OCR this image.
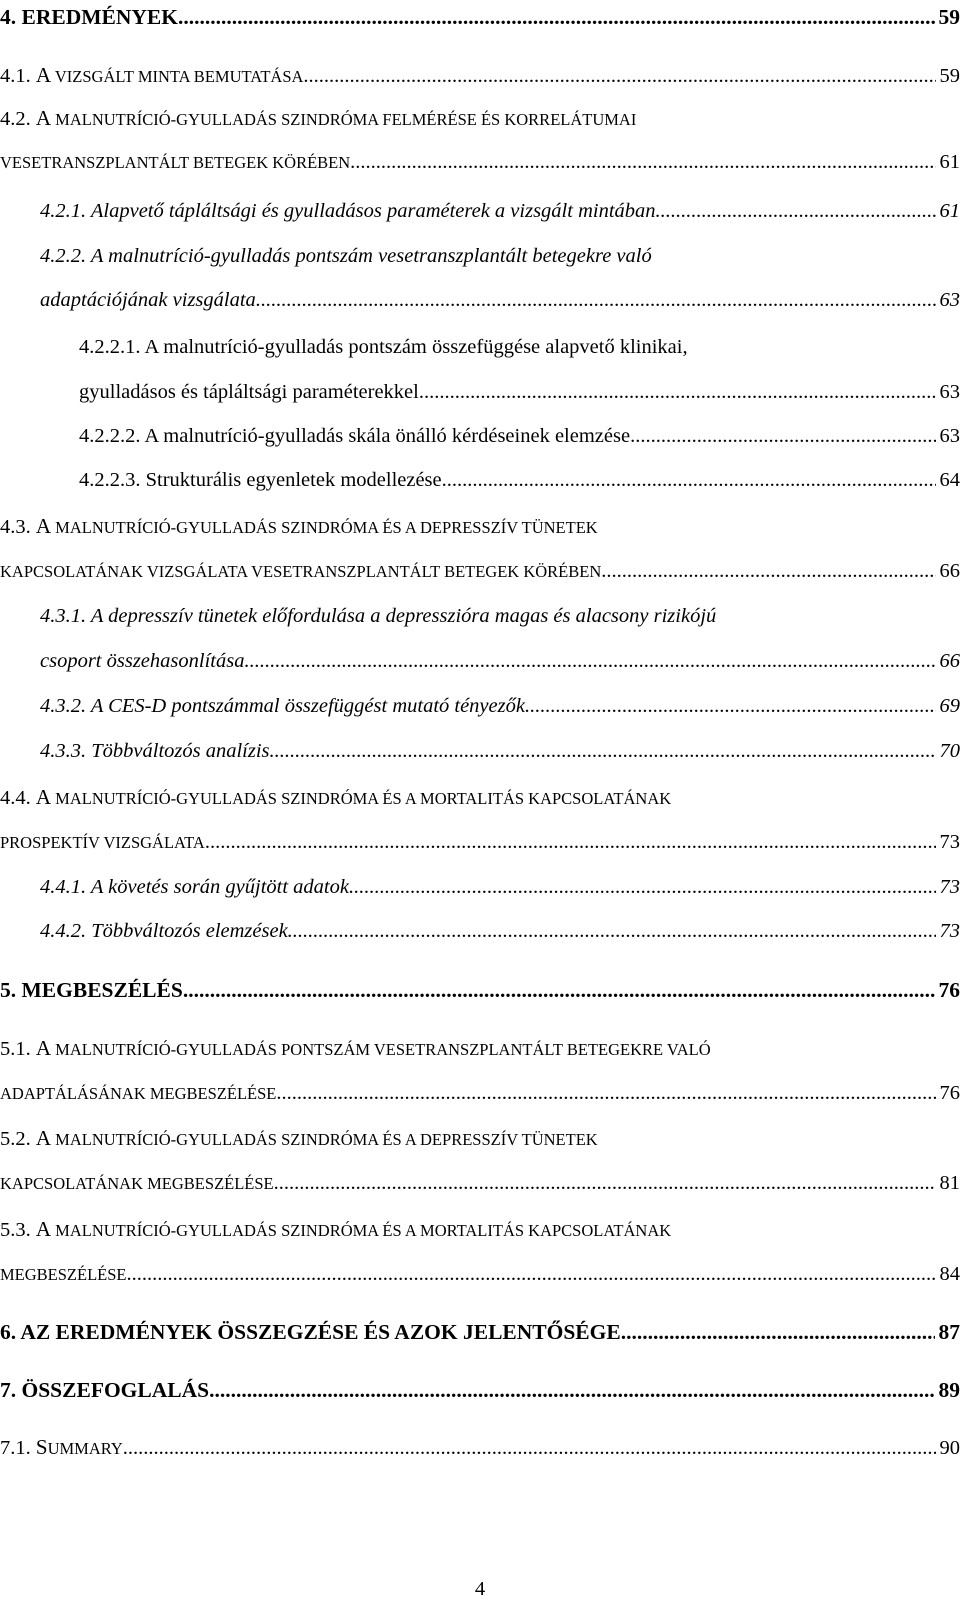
4. EREDMÉNYEK .....	59
4.1. A VIZSGÁLT MINTA BEMUTATÁSA .....	59
4.2. A MALNUTRÍCIÓ-GYULLADÁS SZINDRÓMA FELMÉRÉSE ÉS KORRELÁTUMAI
VESETRANSZPLANTÁLT BETEGEK KÖRÉBEN .....	61
4.2.1. Alapvető tápláltsági és gyulladásos paraméterek a vizsgált mintában .....	61
4.2.2. A malnutríció-gyulladás pontszám vesetranszplantált betegekre való
adaptációjának vizsgálata .....	63
4.2.2.1. A malnutríció-gyulladás pontszám összefüggése alapvető klinikai,
gyulladásos és tápláltsági paraméterekkel .....	63
4.2.2.2. A malnutríció-gyulladás skála önálló kérdéseinek elemzése .....	63
4.2.2.3. Strukturális egyenletek modellezése .....	64
4.3. A MALNUTRÍCIÓ-GYULLADÁS SZINDRÓMA ÉS A DEPRESSZÍV TÜNETEK
KAPCSOLATÁNAK VIZSGÁLATA VESETRANSZPLANTÁLT BETEGEK KÖRÉBEN .....	66
4.3.1. A depresszív tünetek előfordulása a depresszióra magas és alacsony rizikójú
csoport összehasonlítása .....	66
4.3.2. A CES-D pontszámmal összefüggést mutató tényezők .....	69
4.3.3. Többváltozós analízis .....	70
4.4. A MALNUTRÍCIÓ-GYULLADÁS SZINDRÓMA ÉS A MORTALITÁS KAPCSOLATÁNAK
PROSPEKTÍV VIZSGÁLATA .....	73
4.4.1. A követés során gyűjtött adatok .....	73
4.4.2. Többváltozós elemzések .....	73
5. MEGBESZÉLÉS .....	76
5.1. A MALNUTRÍCIÓ-GYULLADÁS PONTSZÁM VESETRANSZPLANTÁLT BETEGEKRE VALÓ
ADAPTÁLÁSÁNAK MEGBESZÉLÉSE .....	76
5.2. A MALNUTRÍCIÓ-GYULLADÁS SZINDRÓMA ÉS A DEPRESSZÍV TÜNETEK
KAPCSOLATÁNAK MEGBESZÉLÉSE .....	81
5.3. A MALNUTRÍCIÓ-GYULLADÁS SZINDRÓMA ÉS A MORTALITÁS KAPCSOLATÁNAK
MEGBESZÉLÉSE .....	84
6. AZ EREDMÉNYEK ÖSSZEGZÉSE ÉS AZOK JELENTŐSÉGE .....	87
7. ÖSSZEFOGLALÁS .....	89
7.1. SUMMARY .....	90
4
